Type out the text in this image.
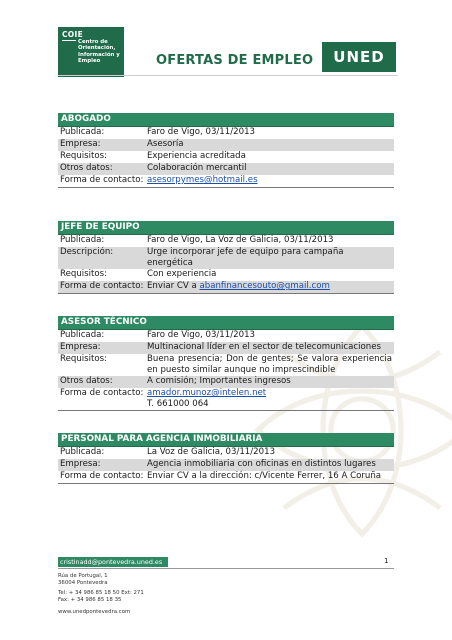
COIE
Centro de
Orientación,
Información y
Empleo	OFERTAS DE EMPLEO	UNED
ABOGADO
Publicada:	Faro de Vigo, 03/11/2013
Empresa:	Asesoría
Requisitos:	Experiencia acreditada
Otros datos:	Colaboración mercantil
Forma de contacto: asesorpymes@hotmail.es
JEFE DE EQUIPO
Publicada:	Faro de Vigo, La Voz de Galicia, 03/11/2013
Descripción:	Urge incorporar jefe de equipo para campaña energética
Requisitos:	Con experiencia
Forma de contacto: Enviar CV a abanfinancesouto@gmail.com
ASESOR TÉCNICO
Publicada:	Faro de Vigo, 03/11/2013
Empresa:	Multinacional líder en el sector de telecomunicaciones
Requisitos:	Buena presencia; Don de gentes; Se valora experiencia en puesto similar aunque no imprescindible
Otros datos:	A comisión; Importantes ingresos
Forma de contacto: amador.munoz@intelen.net
T. 661000 064
PERSONAL PARA AGENCIA INMOBILIARIA
Publicada:	La Voz de Galicia, 03/11/2013
Empresa:	Agencia inmobiliaria con oficinas en distintos lugares
Forma de contacto: Enviar CV a la dirección: c/Vicente Ferrer, 16 A Coruña
cristinadd@pontevedra.uned.es	1
Rúa de Portugal, 1
36004 Pontevedra
Tel: + 34 986 85 18 50 Ext: 271
Fax: + 34 986 85 18 35
www.unedpontevedra.com
